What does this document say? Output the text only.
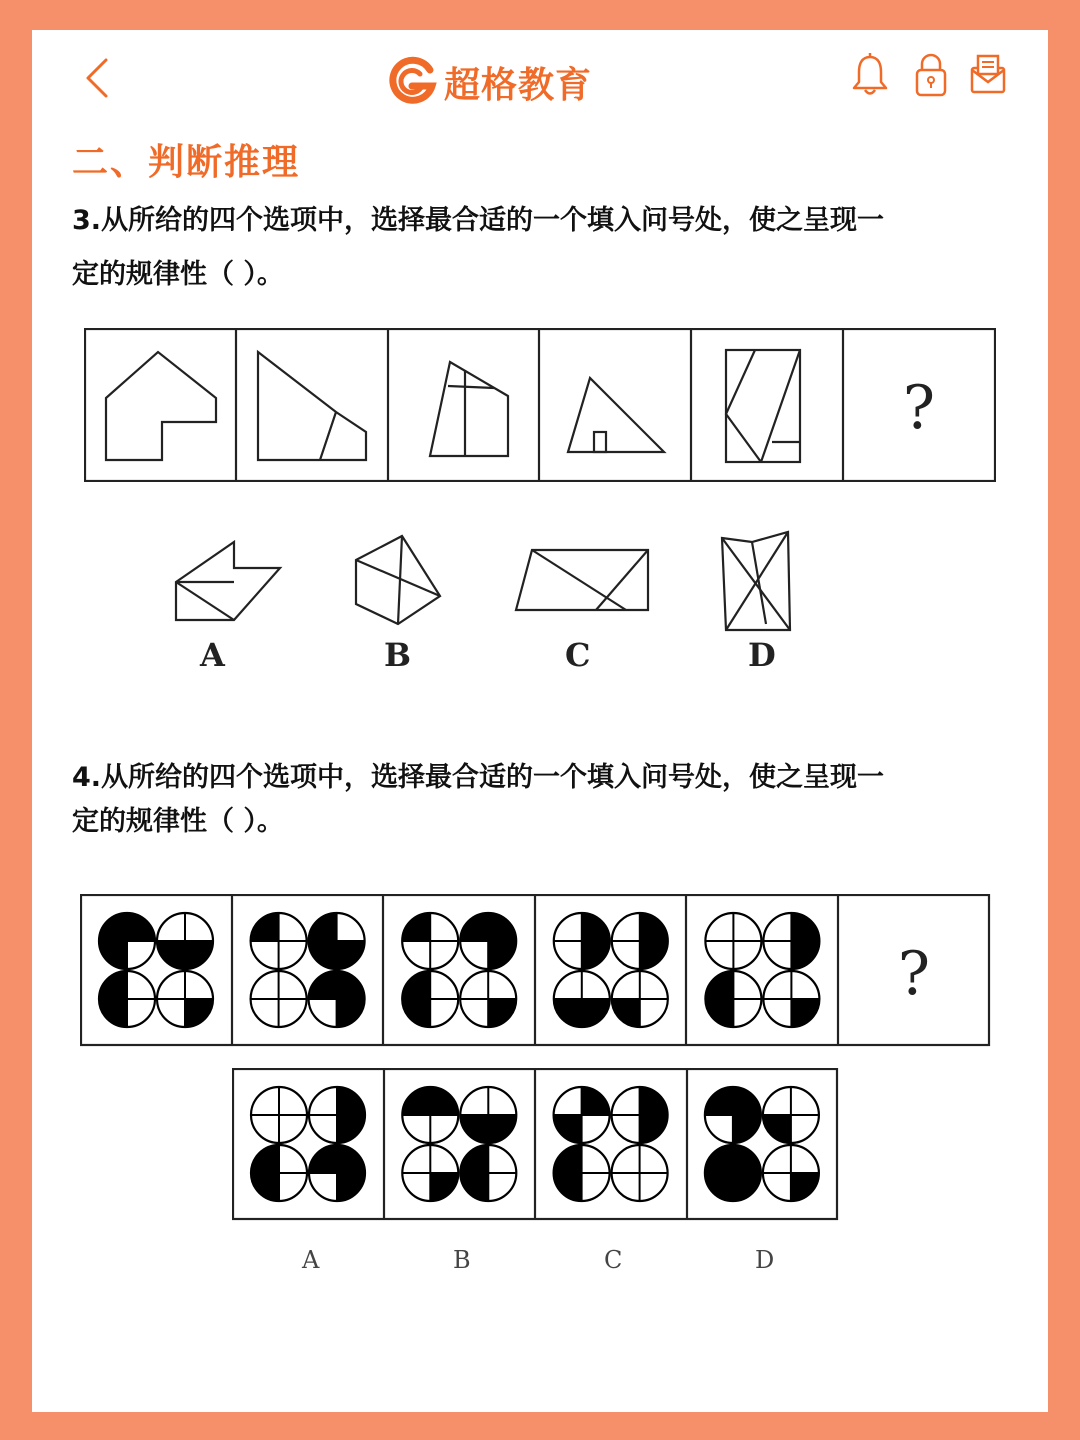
超格教育
二、判断推理
3.从所给的四个选项中，选择最合适的一个填入问号处，使之呈现一
定的规律性（ ）。
?
A	B	C	D
4.从所给的四个选项中，选择最合适的一个填入问号处，使之呈现一
定的规律性（ ）。
?
A	B	C	D
